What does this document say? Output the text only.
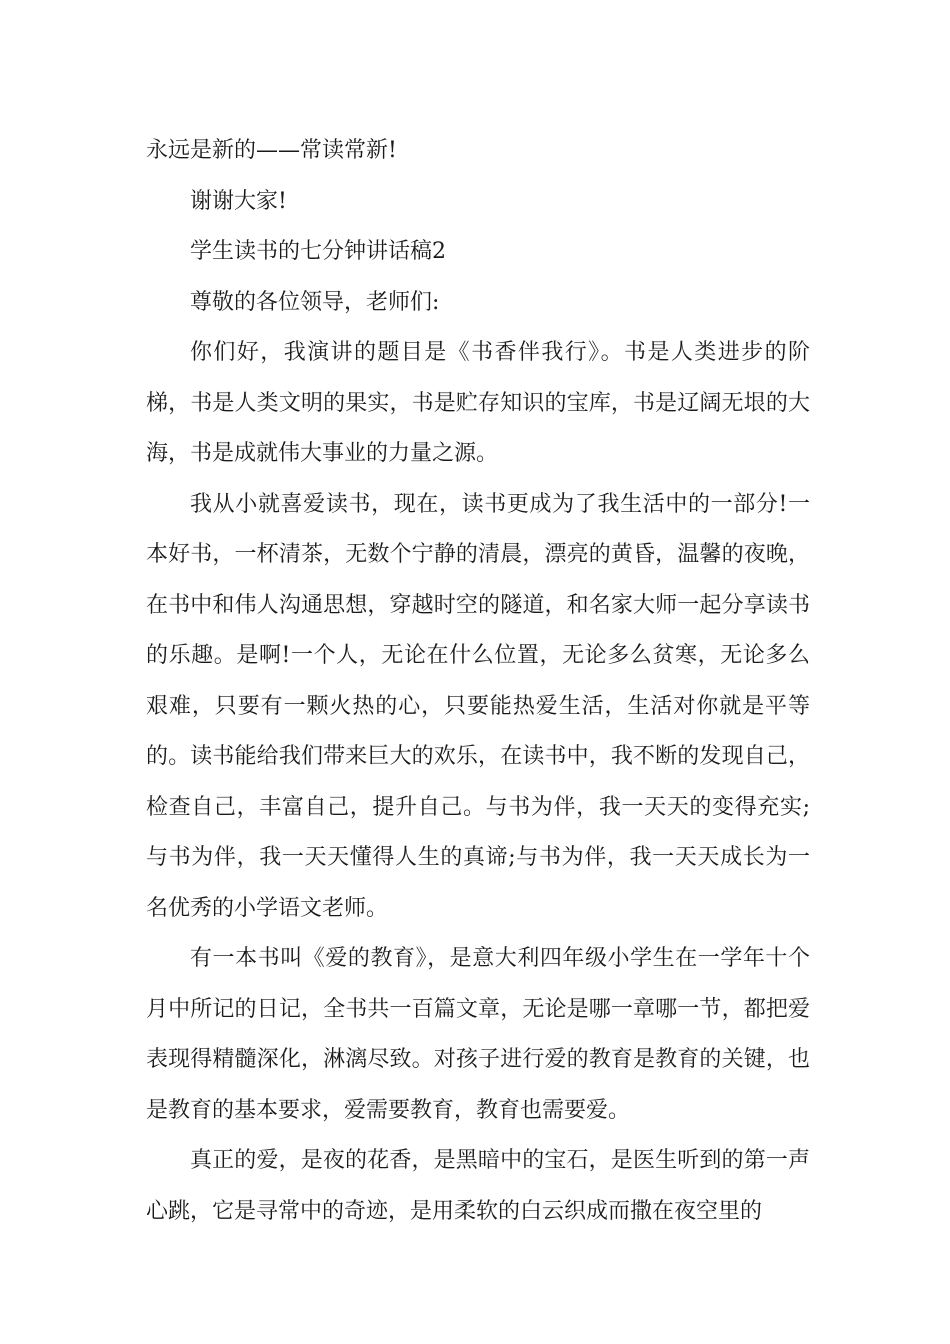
永远是新的——常读常新!

谢谢大家!

学生读书的七分钟讲话稿2

尊敬的各位领导，老师们:

你们好，我演讲的题目是《书香伴我行》。书是人类进步的阶梯，书是人类文明的果实，书是贮存知识的宝库，书是辽阔无垠的大海，书是成就伟大事业的力量之源。

我从小就喜爱读书，现在，读书更成为了我生活中的一部分!一本好书，一杯清茶，无数个宁静的清晨，漂亮的黄昏，温馨的夜晚，在书中和伟人沟通思想，穿越时空的隧道，和名家大师一起分享读书的乐趣。是啊!一个人，无论在什么位置，无论多么贫寒，无论多么艰难，只要有一颗火热的心，只要能热爱生活，生活对你就是平等的。读书能给我们带来巨大的欢乐，在读书中，我不断的发现自己，检查自己，丰富自己，提升自己。与书为伴，我一天天的变得充实;与书为伴，我一天天懂得人生的真谛;与书为伴，我一天天成长为一名优秀的小学语文老师。

有一本书叫《爱的教育》，是意大利四年级小学生在一学年十个月中所记的日记，全书共一百篇文章，无论是哪一章哪一节，都把爱表现得精髓深化，淋漓尽致。对孩子进行爱的教育是教育的关键，也是教育的基本要求，爱需要教育，教育也需要爱。

真正的爱，是夜的花香，是黑暗中的宝石，是医生听到的第一声心跳，它是寻常中的奇迹，是用柔软的白云织成而撒在夜空里的
